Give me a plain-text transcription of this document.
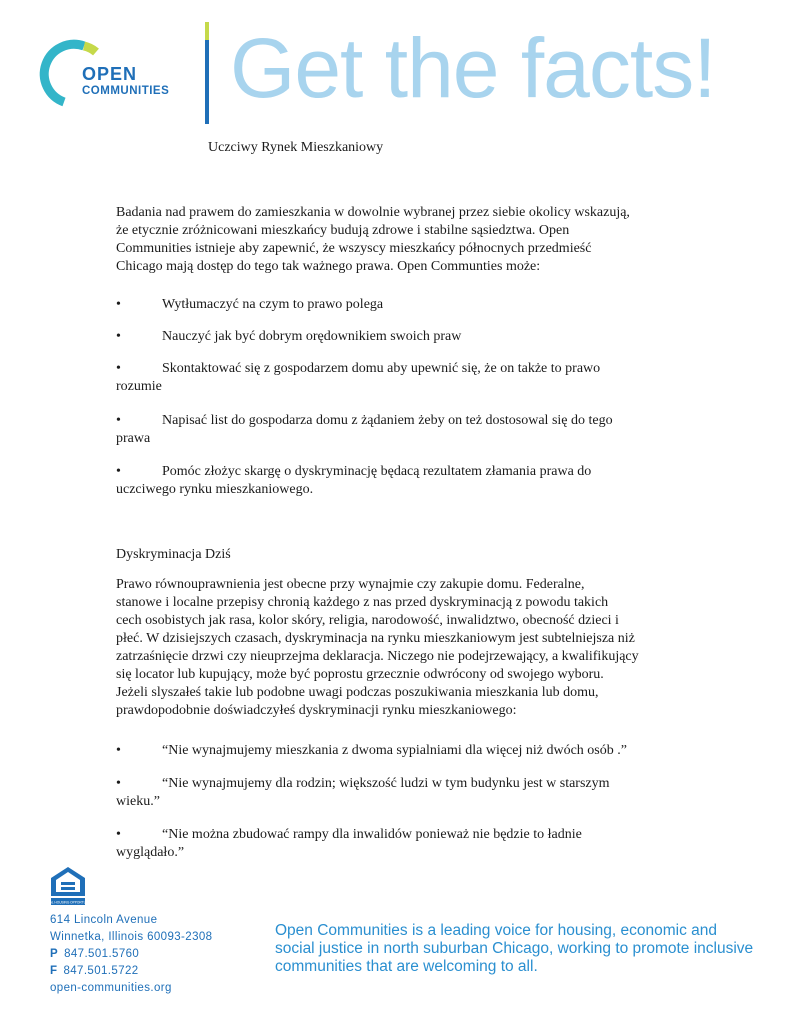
OPEN
COMMUNITIES Get the facts!
Uczciwy Rynek Mieszkaniowy
Badania nad prawem do zamieszkania w dowolnie wybranej przez siebie okolicy wskazują,
że etycznie zróżnicowani mieszkańcy budują zdrowe i stabilne sąsiedztwa. Open
Communities istnieje aby zapewnić, że wszyscy mieszkańcy północnych przedmieść
Chicago mają dostęp do tego tak ważnego prawa. Open Communties może:
•	Wytłumaczyć na czym to prawo polega
•	Nauczyć jak być dobrym orędownikiem swoich praw
•	Skontaktować się z gospodarzem domu aby upewnić się, że on także to prawo
rozumie
•	Napisać list do gospodarza domu z żądaniem żeby on też dostosowal się do tego
prawa
•	Pomóc złożyc skargę o dyskryminację będacą rezultatem złamania prawa do
uczciwego rynku mieszkaniowego.
Dyskryminacja Dziś
Prawo równouprawnienia jest obecne przy wynajmie czy zakupie domu. Federalne,
stanowe i localne przepisy chronią każdego z nas przed dyskryminacją z powodu takich
cech osobistych jak rasa, kolor skóry, religia, narodowość, inwalidztwo, obecność dzieci i
płeć. W dzisiejszych czasach, dyskryminacja na rynku mieszkaniowym jest subtelniejsza niż
zatrzaśnięcie drzwi czy nieuprzejma deklaracja. Niczego nie podejrzewający, a kwalifikujący
się locator lub kupujący, może być poprostu grzecznie odwrócony od swojego wyboru.
Jeżeli slyszałeś takie lub podobne uwagi podczas poszukiwania mieszkania lub domu,
prawdopodobnie doświadczyłeś dyskryminacji rynku mieszkaniowego:
•	“Nie wynajmujemy mieszkania z dwoma sypialniami dla więcej niż dwóch osób .”
•	“Nie wynajmujemy dla rodzin; większość ludzi w tym budynku jest w starszym
wieku.”
•	“Nie można zbudować rampy dla inwalidów ponieważ nie będzie to ładnie
wyglądało.”
EQUAL HOUSING OPPORTUNITY
614 Lincoln Avenue
Winnetka, Illinois 60093-2308
P 847.501.5760
F 847.501.5722
open-communities.org
Open Communities is a leading voice for housing, economic and
social justice in north suburban Chicago, working to promote inclusive
communities that are welcoming to all.
